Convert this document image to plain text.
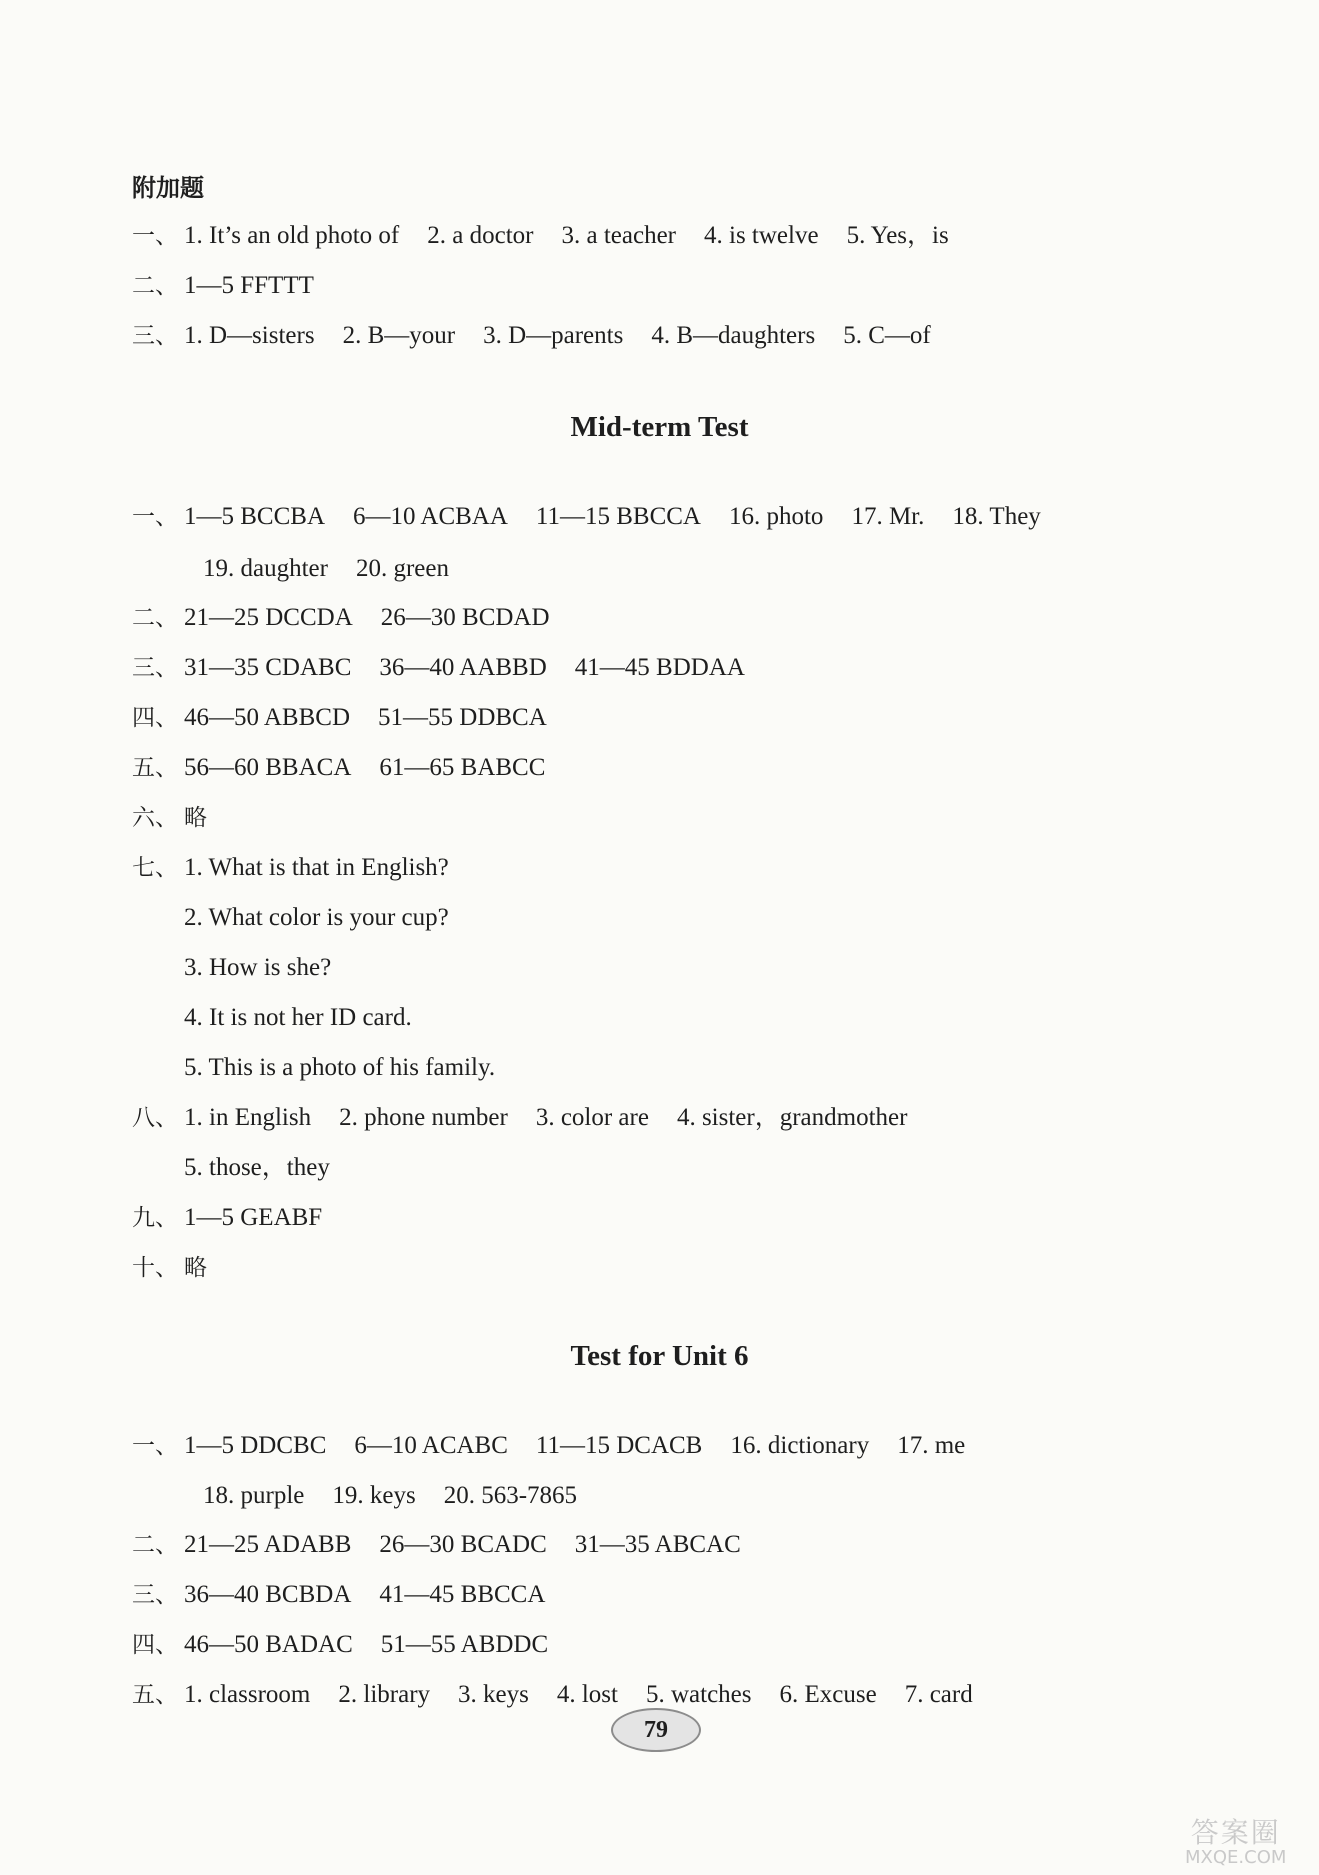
附加题
一、 1. It’s an old photo of 2. a doctor 3. a teacher 4. is twelve 5. Yes，is
二、 1—5 FFTTT
三、 1. D—sisters 2. B—your 3. D—parents 4. B—daughters 5. C—of
Mid-term Test
一、 1—5 BCCBA 6—10 ACBAA 11—15 BBCCA 16. photo 17. Mr. 18. They
19. daughter 20. green
二、 21—25 DCCDA 26—30 BCDAD
三、 31—35 CDABC 36—40 AABBD 41—45 BDDAA
四、 46—50 ABBCD 51—55 DDBCA
五、 56—60 BBACA 61—65 BABCC
六、 略
七、 1. What is that in English?
2. What color is your cup?
3. How is she?
4. It is not her ID card.
5. This is a photo of his family.
八、 1. in English 2. phone number 3. color are 4. sister，grandmother
5. those，they
九、 1—5 GEABF
十、 略
Test for Unit 6
一、 1—5 DDCBC 6—10 ACABC 11—15 DCACB 16. dictionary 17. me
18. purple 19. keys 20. 563-7865
二、 21—25 ADABB 26—30 BCADC 31—35 ABCAC
三、 36—40 BCBDA 41—45 BBCCA
四、 46—50 BADAC 51—55 ABDDC
五、 1. classroom 2. library 3. keys 4. lost 5. watches 6. Excuse 7. card
79
答案圈
MXQE.COM
